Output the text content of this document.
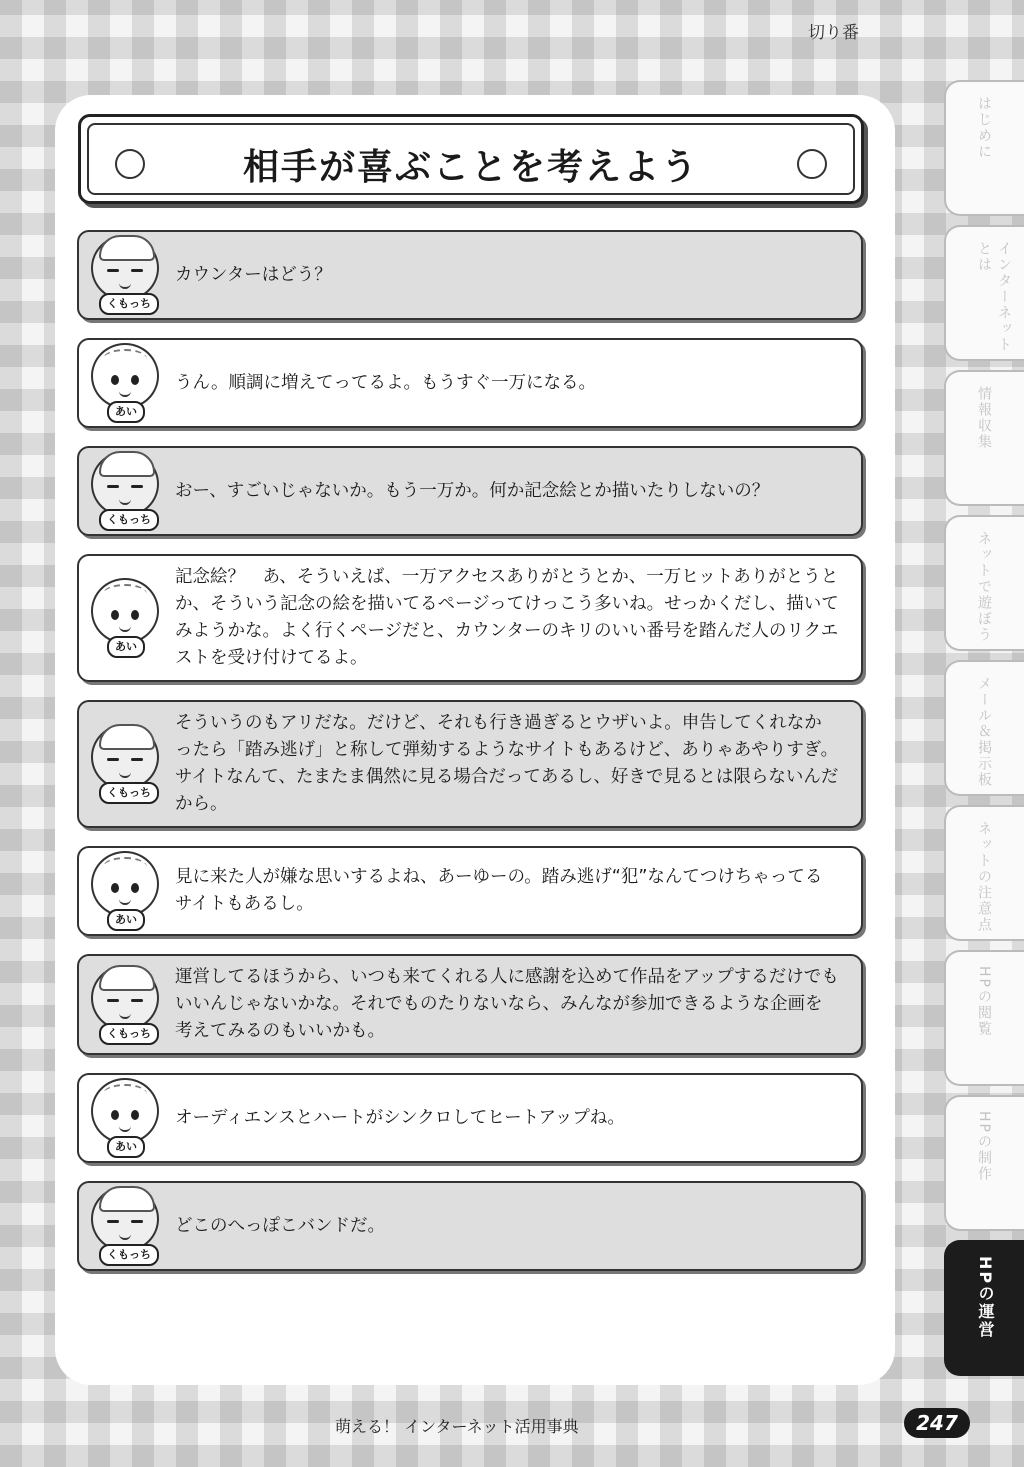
切り番
相手が喜ぶことを考えよう
くもっち
カウンターはどう？
あい
うん。順調に増えてってるよ。もうすぐ一万になる。
くもっち
おー、すごいじゃないか。もう一万か。何か記念絵とか描いたりしないの？
あい
記念絵？　あ、そういえば、一万アクセスありがとうとか、一万ヒットありがとうとか、そういう記念の絵を描いてるページってけっこう多いね。せっかくだし、描いてみようかな。よく行くページだと、カウンターのキリのいい番号を踏んだ人のリクエストを受け付けてるよ。
くもっち
そういうのもアリだな。だけど、それも行き過ぎるとウザいよ。申告してくれなかったら「踏み逃げ」と称して弾劾するようなサイトもあるけど、ありゃあやりすぎ。サイトなんて、たまたま偶然に見る場合だってあるし、好きで見るとは限らないんだから。
あい
見に来た人が嫌な思いするよね、あーゆーの。踏み逃げ“犯”なんてつけちゃってるサイトもあるし。
くもっち
運営してるほうから、いつも来てくれる人に感謝を込めて作品をアップするだけでもいいんじゃないかな。それでものたりないなら、みんなが参加できるような企画を考えてみるのもいいかも。
あい
オーディエンスとハートがシンクロしてヒートアップね。
くもっち
どこのへっぽこバンドだ。
はじめに
インターネットとは
情報収集
ネットで遊ぼう
メール＆掲示板
ネットの注意点
HPの閲覧
HPの制作
HPの運営
萌える！ インターネット活用事典	247
